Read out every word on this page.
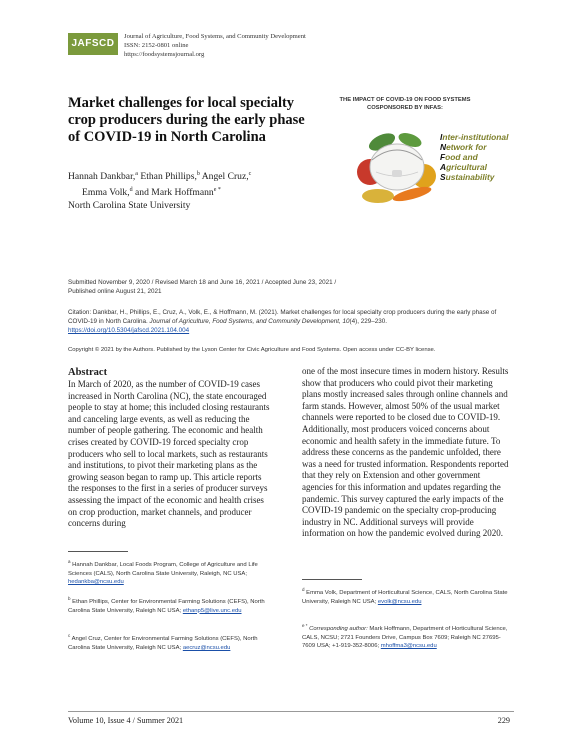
JAFSCD
Journal of Agriculture, Food Systems, and Community Development
ISSN: 2152-0801 online
https://foodsystemsjournal.org
Market challenges for local specialty crop producers during the early phase of COVID-19 in North Carolina
THE IMPACT OF COVID-19 ON FOOD SYSTEMS
COSPONSORED BY INFAS:
Inter-institutional
Network for
Food and
Agricultural
Sustainability
Hannah Dankbar,$^a$ Ethan Phillips,$^b$ Angel Cruz,$^c$
Emma Volk,$^d$ and Mark Hoffmann$^{e *}$
North Carolina State University
Submitted November 9, 2020 / Revised March 18 and June 16, 2021 / Accepted June 23, 2021 /
Published online August 21, 2021
Citation: Dankbar, H., Phillips, E., Cruz, A., Volk, E., & Hoffmann, M. (2021). Market challenges for local specialty crop producers during the early phase of COVID-19 in North Carolina. Journal of Agriculture, Food Systems, and Community Development, 10(4), 229–230. https://doi.org/10.5304/jafscd.2021.104.004
Copyright © 2021 by the Authors. Published by the Lyson Center for Civic Agriculture and Food Systems. Open access under CC-BY license.
Abstract
In March of 2020, as the number of COVID-19 cases increased in North Carolina (NC), the state encouraged people to stay at home; this included closing restaurants and canceling large events, as well as reducing the number of people gathering. The economic and health crises created by COVID-19 forced specialty crop producers who sell to local markets, such as restaurants and institutions, to pivot their marketing plans as the growing season began to ramp up. This article reports the responses to the first in a series of producer surveys assessing the impact of the economic and health crises on crop production, market channels, and producer concerns during
one of the most insecure times in modern history. Results show that producers who could pivot their marketing plans mostly increased sales through online channels and farm stands. However, almost 50% of the usual market channels were reported to be closed due to COVID-19. Additionally, most producers voiced concerns about economic and health safety in the immediate future. To address these concerns as the pandemic unfolded, there was a need for trusted information. Respondents reported that they rely on Extension and other government agencies for this information and updates regarding the pandemic. This survey captured the early impacts of the COVID-19 pandemic on the specialty crop-producing industry in NC. Additional surveys will provide information on how the pandemic evolved during 2020.
$^a$ Hannah Dankbar, Local Foods Program, College of Agriculture and Life Sciences (CALS), North Carolina State University, Raleigh, NC USA; hedankba@ncsu.edu
$^b$ Ethan Phillips, Center for Environmental Farming Solutions (CEFS), North Carolina State University, Raleigh NC USA; ethanp5@live.unc.edu
$^c$ Angel Cruz, Center for Environmental Farming Solutions (CEFS), North Carolina State University, Raleigh NC USA; aecruz@ncsu.edu
$^d$ Emma Volk, Department of Horticultural Science, CALS, North Carolina State University, Raleigh NC USA; evolk@ncsu.edu
$^{e *}$ Corresponding author: Mark Hoffmann, Department of Horticultural Science, CALS, NCSU; 2721 Founders Drive, Campus Box 7609; Raleigh NC 27695-7609 USA; +1-919-352-8006; mhoffma3@ncsu.edu
Volume 10, Issue 4 / Summer 2021	229
